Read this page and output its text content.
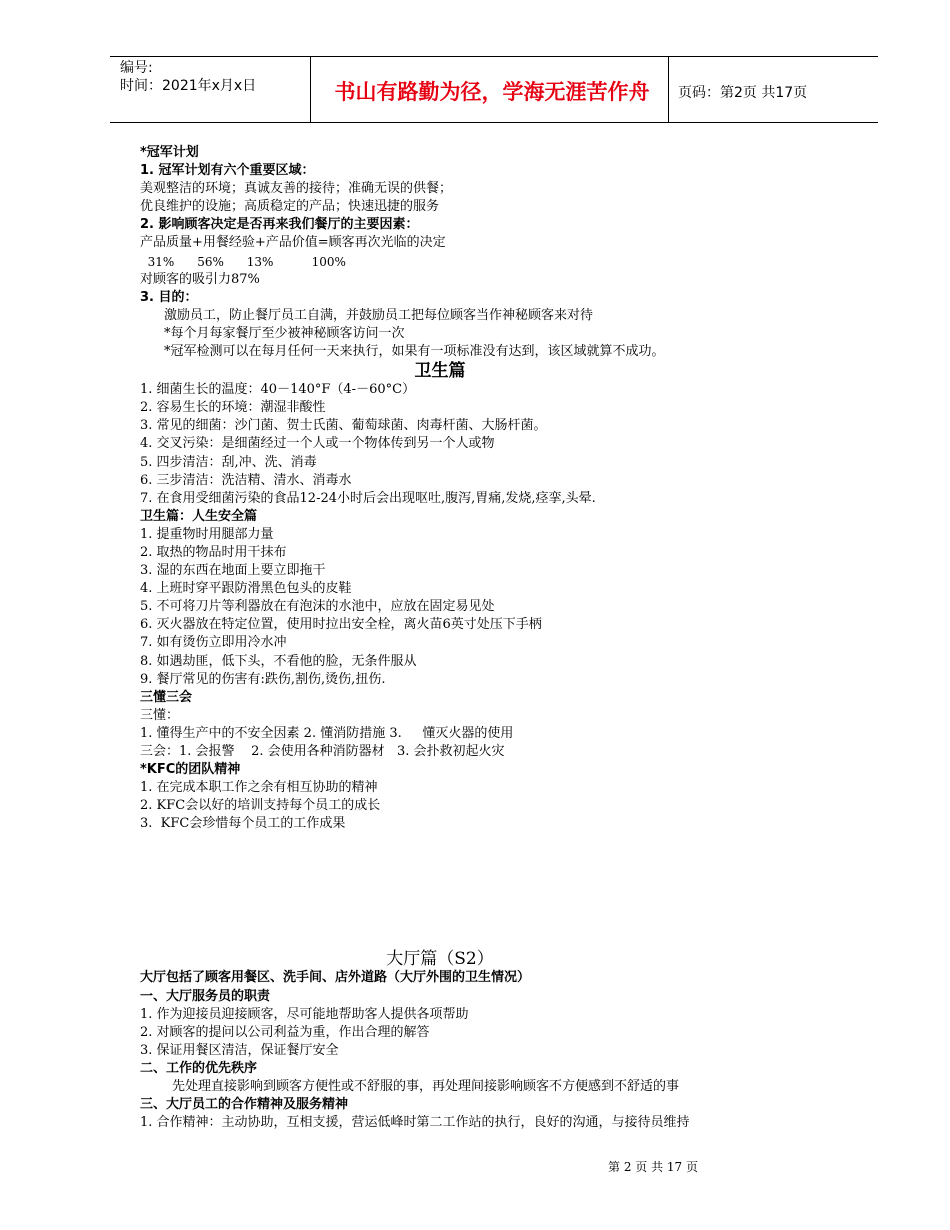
编号:
时间：2021年x月x日	书山有路勤为径，学海无涯苦作舟	页码：第2页 共17页
*冠军计划
1. 冠军计划有六个重要区域：
美观整洁的环境；真诚友善的接待；准确无误的供餐；
优良维护的设施；高质稳定的产品；快速迅捷的服务
2. 影响顾客决定是否再来我们餐厅的主要因素：
产品质量+用餐经验+产品价值=顾客再次光临的决定
31%      56%      13%          100%
对顾客的吸引力87%
3. 目的：
激励员工，防止餐厅员工自满，并鼓励员工把每位顾客当作神秘顾客来对待
*每个月每家餐厅至少被神秘顾客访问一次
*冠军检测可以在每月任何一天来执行，如果有一项标准没有达到，该区域就算不成功。
卫生篇
1. 细菌生长的温度：40－140°F（4-－60°C）
2. 容易生长的环境：潮湿非酸性
3. 常见的细菌：沙门菌、贺士氏菌、葡萄球菌、肉毒杆菌、大肠杆菌。
4. 交叉污染：是细菌经过一个人或一个物体传到另一个人或物
5. 四步清洁：刮,冲、洗、消毒
6. 三步清洁：洗洁精、清水、消毒水
7. 在食用受细菌污染的食品12-24小时后会出现呕吐,腹泻,胃痛,发烧,痉挛,头晕.
卫生篇：人生安全篇
1. 提重物时用腿部力量
2. 取热的物品时用干抹布
3. 湿的东西在地面上要立即拖干
4. 上班时穿平跟防滑黑色包头的皮鞋
5. 不可将刀片等利器放在有泡沫的水池中，应放在固定易见处
6. 灭火器放在特定位置，使用时拉出安全栓，离火苗6英寸处压下手柄
7. 如有烫伤立即用冷水冲
8. 如遇劫匪，低下头，不看他的脸，无条件服从
9. 餐厅常见的伤害有:跌伤,割伤,烫伤,扭伤.
三懂三会
三懂：
1. 懂得生产中的不安全因素 2. 懂消防措施 3.     懂灭火器的使用
三会：1. 会报警    2. 会使用各种消防器材   3. 会扑救初起火灾
*KFC的团队精神
1. 在完成本职工作之余有相互协助的精神
2. KFC会以好的培训支持每个员工的成长
3.  KFC会珍惜每个员工的工作成果
大厅篇（S2）
大厅包括了顾客用餐区、洗手间、店外道路（大厅外围的卫生情况）
一、大厅服务员的职责
1. 作为迎接员迎接顾客，尽可能地帮助客人提供各项帮助
2. 对顾客的提问以公司利益为重，作出合理的解答
3. 保证用餐区清洁，保证餐厅安全
二、工作的优先秩序
先处理直接影响到顾客方便性或不舒服的事，再处理间接影响顾客不方便感到不舒适的事
三、大厅员工的合作精神及服务精神
1. 合作精神：主动协助，互相支援，营运低峰时第二工作站的执行，良好的沟通，与接待员维持
第 2 页 共 17 页
